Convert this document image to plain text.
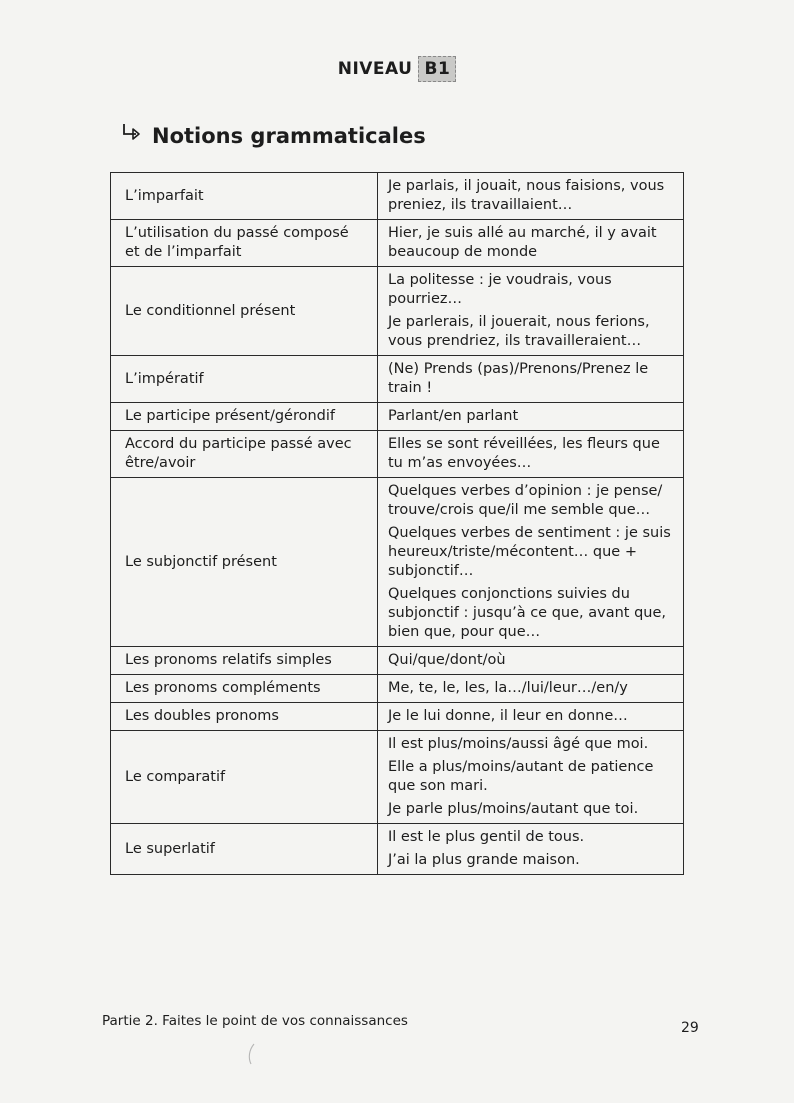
NIVEAU B1
Notions grammaticales
L’imparfait	Je parlais, il jouait, nous faisions, vous preniez, ils travaillaient…

L’utilisation du passé composé et de l’imparfait	Hier, je suis allé au marché, il y avait beaucoup de monde

Le conditionnel présent	La politesse : je voudrais, vous pourriez…
Je parlerais, il jouerait, nous ferions, vous prendriez, ils travailleraient…

L’impératif	(Ne) Prends (pas)/Prenons/Prenez le train !

Le participe présent/gérondif	Parlant/en parlant

Accord du participe passé avec être/avoir	Elles se sont réveillées, les fleurs que tu m’as envoyées…

Le subjonctif présent	Quelques verbes d’opinion : je pense/ trouve/crois que/il me semble que…
Quelques verbes de sentiment : je suis heureux/triste/mécontent… que + subjonctif…
Quelques conjonctions suivies du subjonctif : jusqu’à ce que, avant que, bien que, pour que…

Les pronoms relatifs simples	Qui/que/dont/où

Les pronoms compléments	Me, te, le, les, la…/lui/leur…/en/y

Les doubles pronoms	Je le lui donne, il leur en donne…

Le comparatif	Il est plus/moins/aussi âgé que moi.
Elle a plus/moins/autant de patience que son mari.
Je parle plus/moins/autant que toi.

Le superlatif	Il est le plus gentil de tous.
J’ai la plus grande maison.
Partie 2. Faites le point de vos connaissances	29
